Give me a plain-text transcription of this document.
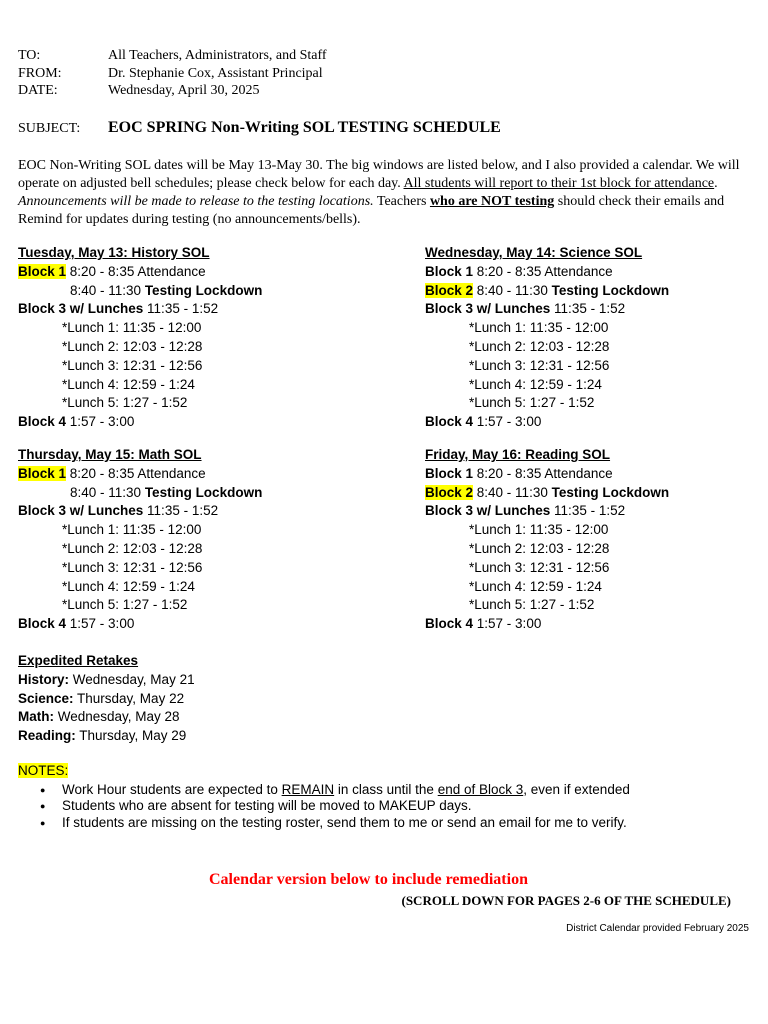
TO:	All Teachers, Administrators, and Staff
FROM:	Dr. Stephanie Cox, Assistant Principal
DATE:	Wednesday, April 30, 2025
SUBJECT: EOC SPRING Non-Writing SOL TESTING SCHEDULE
EOC Non-Writing SOL dates will be May 13-May 30. The big windows are listed below, and I also provided a calendar. We will operate on adjusted bell schedules; please check below for each day. All students will report to their 1st block for attendance. Announcements will be made to release to the testing locations. Teachers who are NOT testing should check their emails and Remind for updates during testing (no announcements/bells).
Tuesday, May 13: History SOL
Block 1 8:20 - 8:35 Attendance
8:40 - 11:30 Testing Lockdown
Block 3 w/ Lunches 11:35 - 1:52
*Lunch 1: 11:35 - 12:00
*Lunch 2: 12:03 - 12:28
*Lunch 3: 12:31 - 12:56
*Lunch 4: 12:59 - 1:24
*Lunch 5: 1:27 - 1:52
Block 4 1:57 - 3:00
Wednesday, May 14: Science SOL
Block 1 8:20 - 8:35 Attendance
Block 2 8:40 - 11:30 Testing Lockdown
Block 3 w/ Lunches 11:35 - 1:52
*Lunch 1: 11:35 - 12:00
*Lunch 2: 12:03 - 12:28
*Lunch 3: 12:31 - 12:56
*Lunch 4: 12:59 - 1:24
*Lunch 5: 1:27 - 1:52
Block 4 1:57 - 3:00
Thursday, May 15: Math SOL
Block 1 8:20 - 8:35 Attendance
8:40 - 11:30 Testing Lockdown
Block 3 w/ Lunches 11:35 - 1:52
*Lunch 1: 11:35 - 12:00
*Lunch 2: 12:03 - 12:28
*Lunch 3: 12:31 - 12:56
*Lunch 4: 12:59 - 1:24
*Lunch 5: 1:27 - 1:52
Block 4 1:57 - 3:00
Friday, May 16: Reading SOL
Block 1 8:20 - 8:35 Attendance
Block 2 8:40 - 11:30 Testing Lockdown
Block 3 w/ Lunches 11:35 - 1:52
*Lunch 1: 11:35 - 12:00
*Lunch 2: 12:03 - 12:28
*Lunch 3: 12:31 - 12:56
*Lunch 4: 12:59 - 1:24
*Lunch 5: 1:27 - 1:52
Block 4 1:57 - 3:00
Expedited Retakes
History: Wednesday, May 21
Science: Thursday, May 22
Math: Wednesday, May 28
Reading: Thursday, May 29
NOTES:
● Work Hour students are expected to REMAIN in class until the end of Block 3, even if extended
● Students who are absent for testing will be moved to MAKEUP days.
● If students are missing on the testing roster, send them to me or send an email for me to verify.
Calendar version below to include remediation
(SCROLL DOWN FOR PAGES 2-6 OF THE SCHEDULE)
District Calendar provided February 2025
